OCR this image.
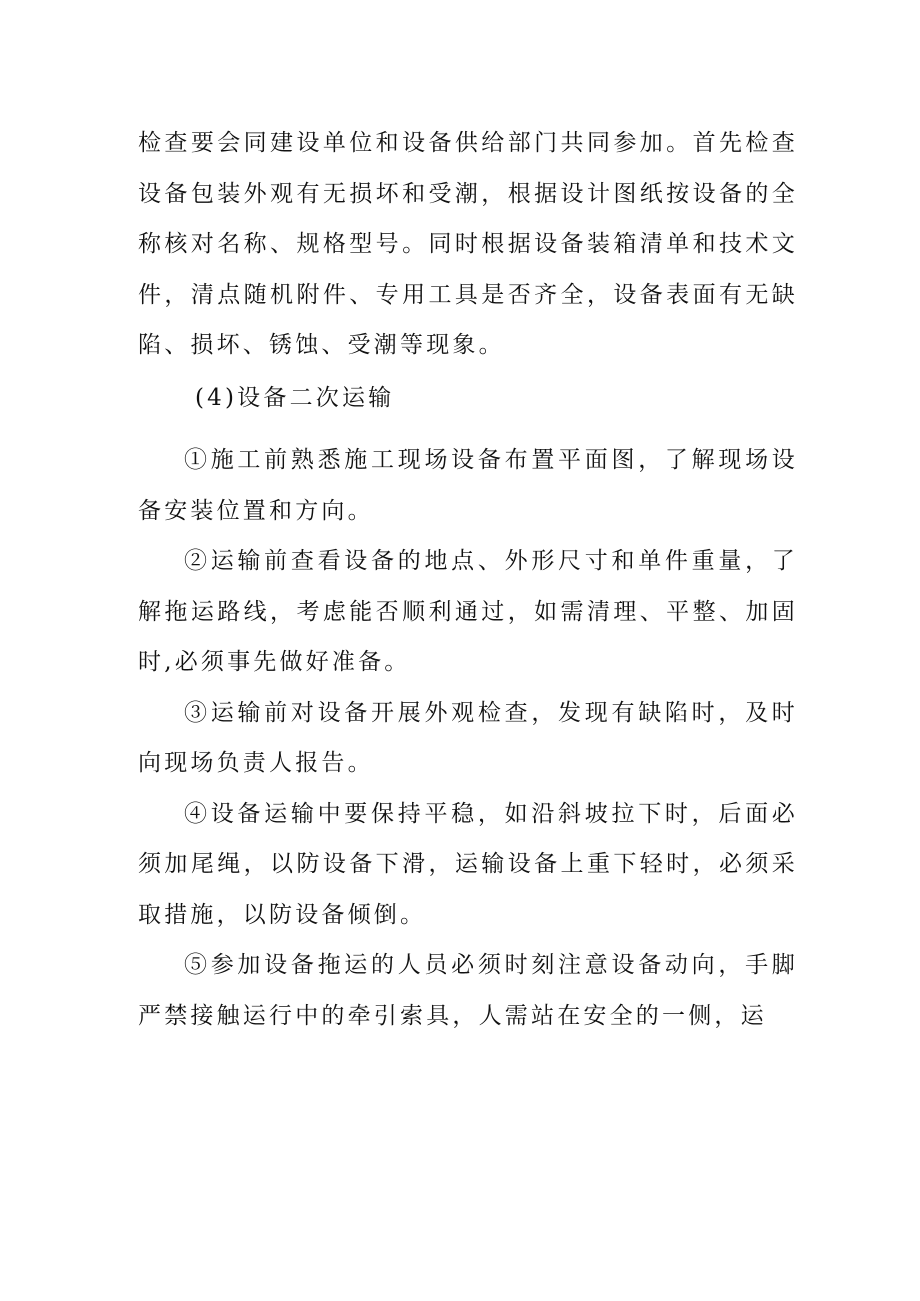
检查要会同建设单位和设备供给部门共同参加。首先检查设备包装外观有无损坏和受潮，根据设计图纸按设备的全称核对名称、规格型号。同时根据设备装箱清单和技术文件，清点随机附件、专用工具是否齐全，设备表面有无缺陷、损坏、锈蚀、受潮等现象。

(4)设备二次运输

①施工前熟悉施工现场设备布置平面图，了解现场设备安装位置和方向。

②运输前查看设备的地点、外形尺寸和单件重量，了解拖运路线，考虑能否顺利通过，如需清理、平整、加固时,必须事先做好准备。

③运输前对设备开展外观检查，发现有缺陷时，及时向现场负责人报告。

④设备运输中要保持平稳，如沿斜坡拉下时，后面必须加尾绳，以防设备下滑，运输设备上重下轻时，必须采取措施，以防设备倾倒。

⑤参加设备拖运的人员必须时刻注意设备动向，手脚严禁接触运行中的牵引索具，人需站在安全的一侧，运
